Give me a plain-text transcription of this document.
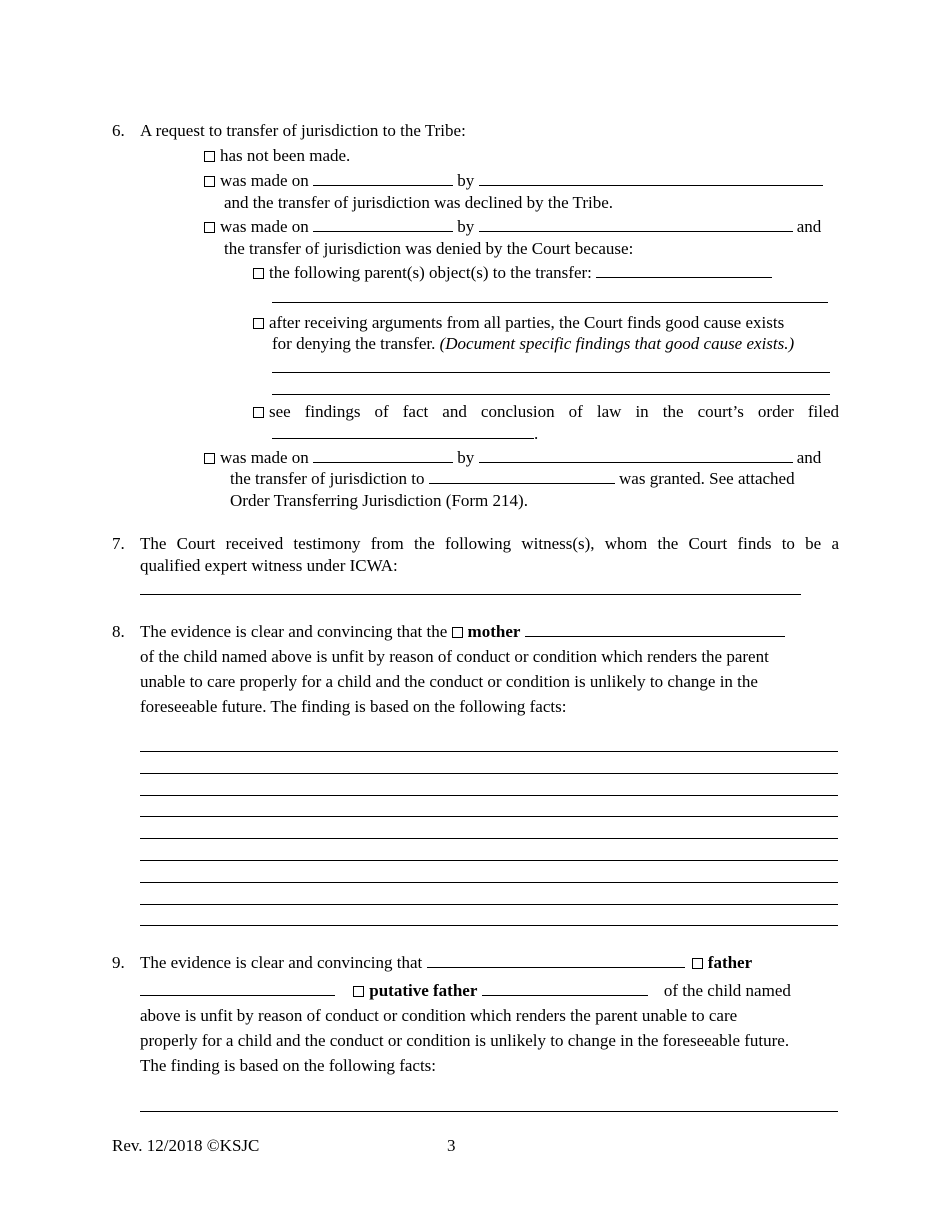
6. A request to transfer of jurisdiction to the Tribe:
has not been made.
was made on	by
and the transfer of jurisdiction was declined by the Tribe.
was made on	by	and
the transfer of jurisdiction was denied by the Court because:
the following parent(s) object(s) to the transfer:
after receiving arguments from all parties, the Court finds good cause exists
for denying the transfer. (Document specific findings that good cause exists.)
see findings of fact and conclusion of law in the court’s order filed
.
was made on	by	and
the transfer of jurisdiction to	was granted. See attached
Order Transferring Jurisdiction (Form 214).
7. The Court received testimony from the following witness(s), whom the Court finds to be a
qualified expert witness under ICWA:
8. The evidence is clear and convincing that the mother
of the child named above is unfit by reason of conduct or condition which renders the parent
unable to care properly for a child and the conduct or condition is unlikely to change in the
foreseeable future. The finding is based on the following facts:
9. The evidence is clear and convincing that	father
putative father	of the child named
above is unfit by reason of conduct or condition which renders the parent unable to care
properly for a child and the conduct or condition is unlikely to change in the foreseeable future.
The finding is based on the following facts:
Rev. 12/2018 ©KSJC	3
